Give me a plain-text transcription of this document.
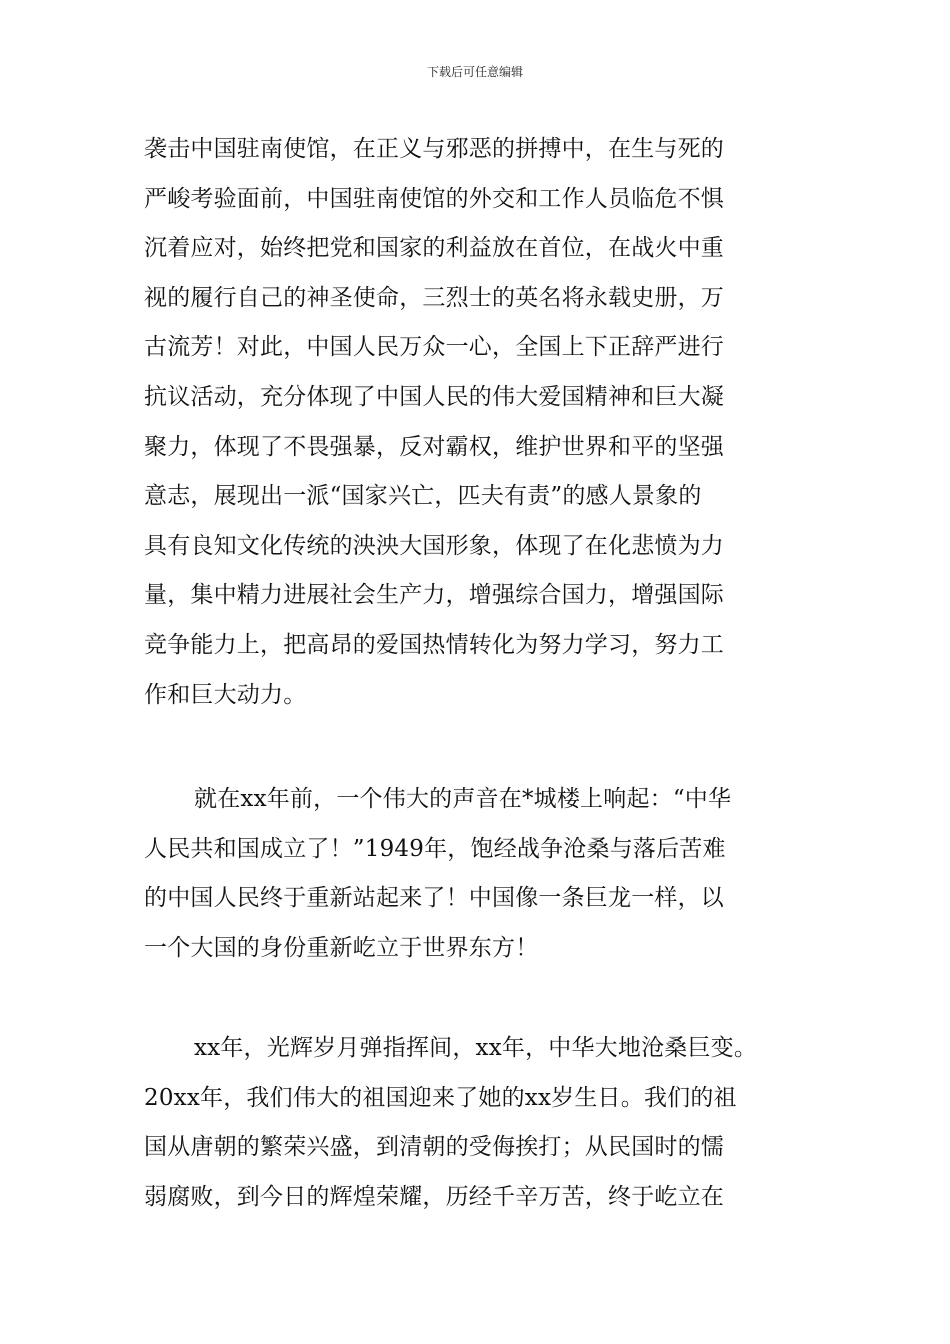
下载后可任意编辑
袭击中国驻南使馆，在正义与邪恶的拼搏中，在生与死的
严峻考验面前，中国驻南使馆的外交和工作人员临危不惧
沉着应对，始终把党和国家的利益放在首位，在战火中重
视的履行自己的神圣使命，三烈士的英名将永载史册，万
古流芳！对此，中国人民万众一心，全国上下正辞严进行
抗议活动，充分体现了中国人民的伟大爱国精神和巨大凝
聚力，体现了不畏强暴，反对霸权，维护世界和平的坚强
意志，展现出一派“国家兴亡，匹夫有责”的感人景象的
具有良知文化传统的泱泱大国形象，体现了在化悲愤为力
量，集中精力进展社会生产力，增强综合国力，增强国际
竞争能力上，把高昂的爱国热情转化为努力学习，努力工
作和巨大动力。
就在xx年前，一个伟大的声音在*城楼上响起：“中华
人民共和国成立了！”1949年，饱经战争沧桑与落后苦难
的中国人民终于重新站起来了！中国像一条巨龙一样，以
一个大国的身份重新屹立于世界东方！
xx年，光辉岁月弹指挥间，xx年，中华大地沧桑巨变。
20xx年，我们伟大的祖国迎来了她的xx岁生日。我们的祖
国从唐朝的繁荣兴盛，到清朝的受侮挨打；从民国时的懦
弱腐败，到今日的辉煌荣耀，历经千辛万苦，终于屹立在
